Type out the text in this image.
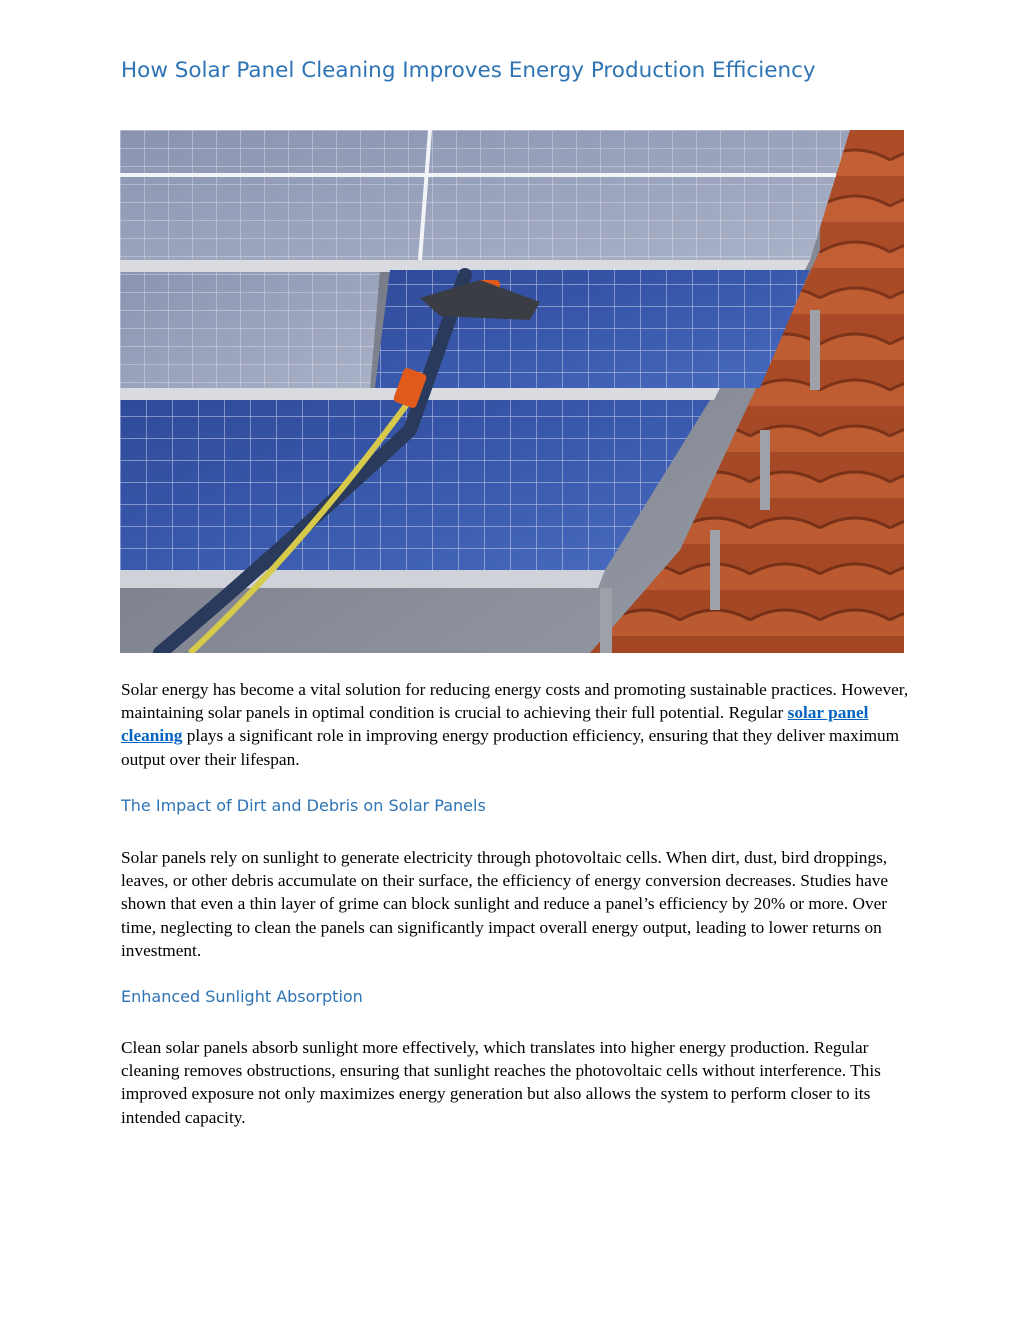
How Solar Panel Cleaning Improves Energy Production Efficiency

Solar energy has become a vital solution for reducing energy costs and promoting sustainable practices. However, maintaining solar panels in optimal condition is crucial to achieving their full potential. Regular solar panel cleaning plays a significant role in improving energy production efficiency, ensuring that they deliver maximum output over their lifespan.

The Impact of Dirt and Debris on Solar Panels

Solar panels rely on sunlight to generate electricity through photovoltaic cells. When dirt, dust, bird droppings, leaves, or other debris accumulate on their surface, the efficiency of energy conversion decreases. Studies have shown that even a thin layer of grime can block sunlight and reduce a panel’s efficiency by 20% or more. Over time, neglecting to clean the panels can significantly impact overall energy output, leading to lower returns on investment.

Enhanced Sunlight Absorption

Clean solar panels absorb sunlight more effectively, which translates into higher energy production. Regular cleaning removes obstructions, ensuring that sunlight reaches the photovoltaic cells without interference. This improved exposure not only maximizes energy generation but also allows the system to perform closer to its intended capacity.
